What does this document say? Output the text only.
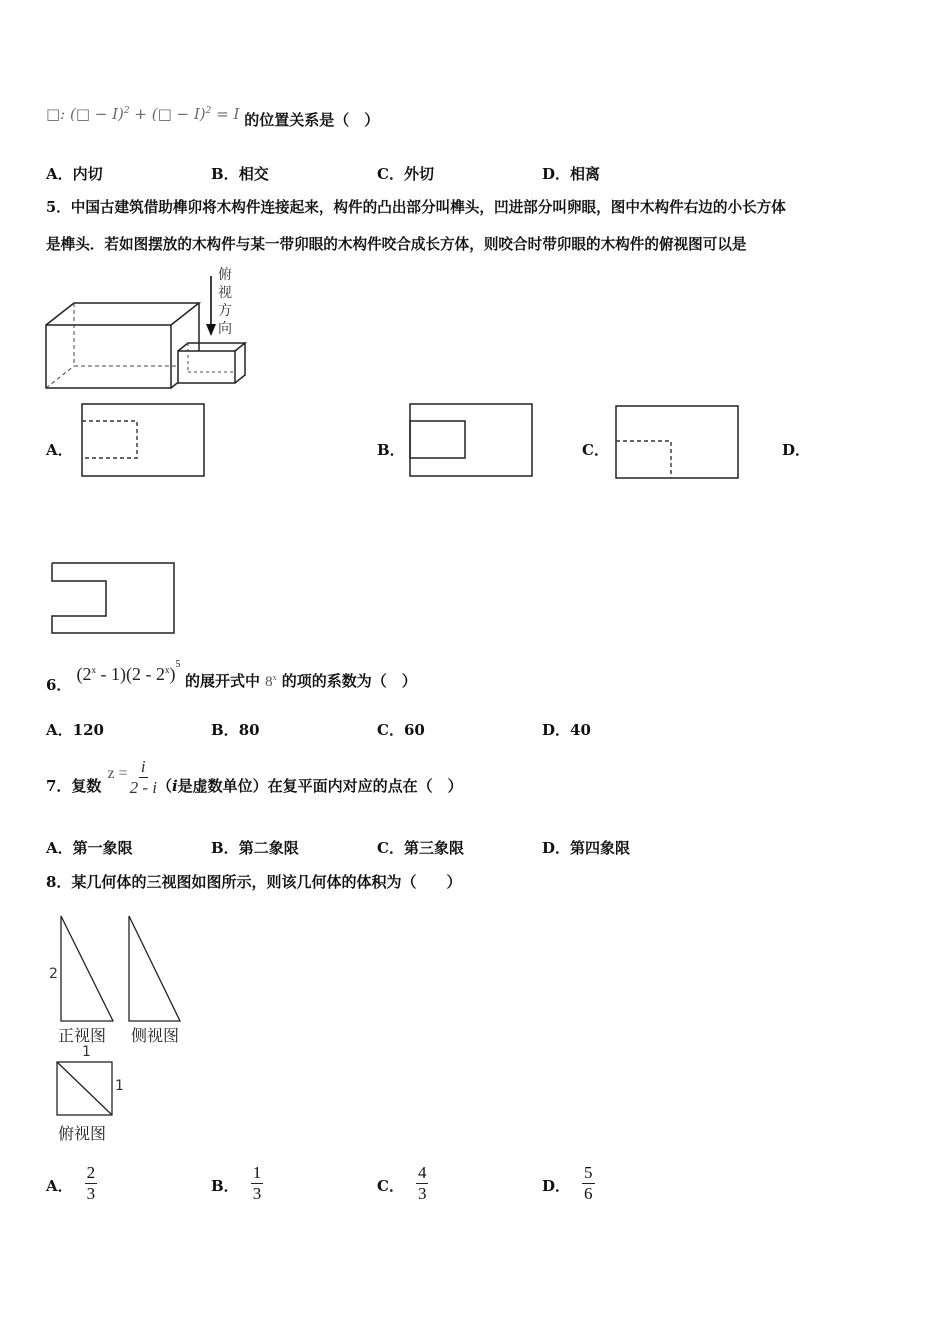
□: (□ − I)$^2$ + (□ − I)$^2$ = I 的位置关系是（　）
A．内切	B．相交	C．外切	D．相离
5．中国古建筑借助榫卯将木构件连接起来，构件的凸出部分叫榫头，凹进部分叫卵眼，图中木构件右边的小长方体
是榫头．若如图摆放的木构件与某一带卯眼的木构件咬合成长方体，则咬合时带卯眼的木构件的俯视图可以是
俯
视
方
向
A．	B．	C．	D．
6． (2$^x$ - 1)(2 - 2$^x$)$^5$ 的展开式中 8$^x$ 的项的系数为（　）
A．120	B．80	C．60	D．40
7．复数
$z = \frac{i}{2 - i}$ （ i 是虚数单位）在复平面内对应的点在（　）
A．第一象限	B．第二象限	C．第三象限	D．第四象限
8．某几何体的三视图如图所示，则该几何体的体积为（　　）
2
正视图 侧视图
1
1
俯视图
A． $\frac{2}{3}$	B． $\frac{1}{3}$	C． $\frac{4}{3}$	D． $\frac{5}{6}$
